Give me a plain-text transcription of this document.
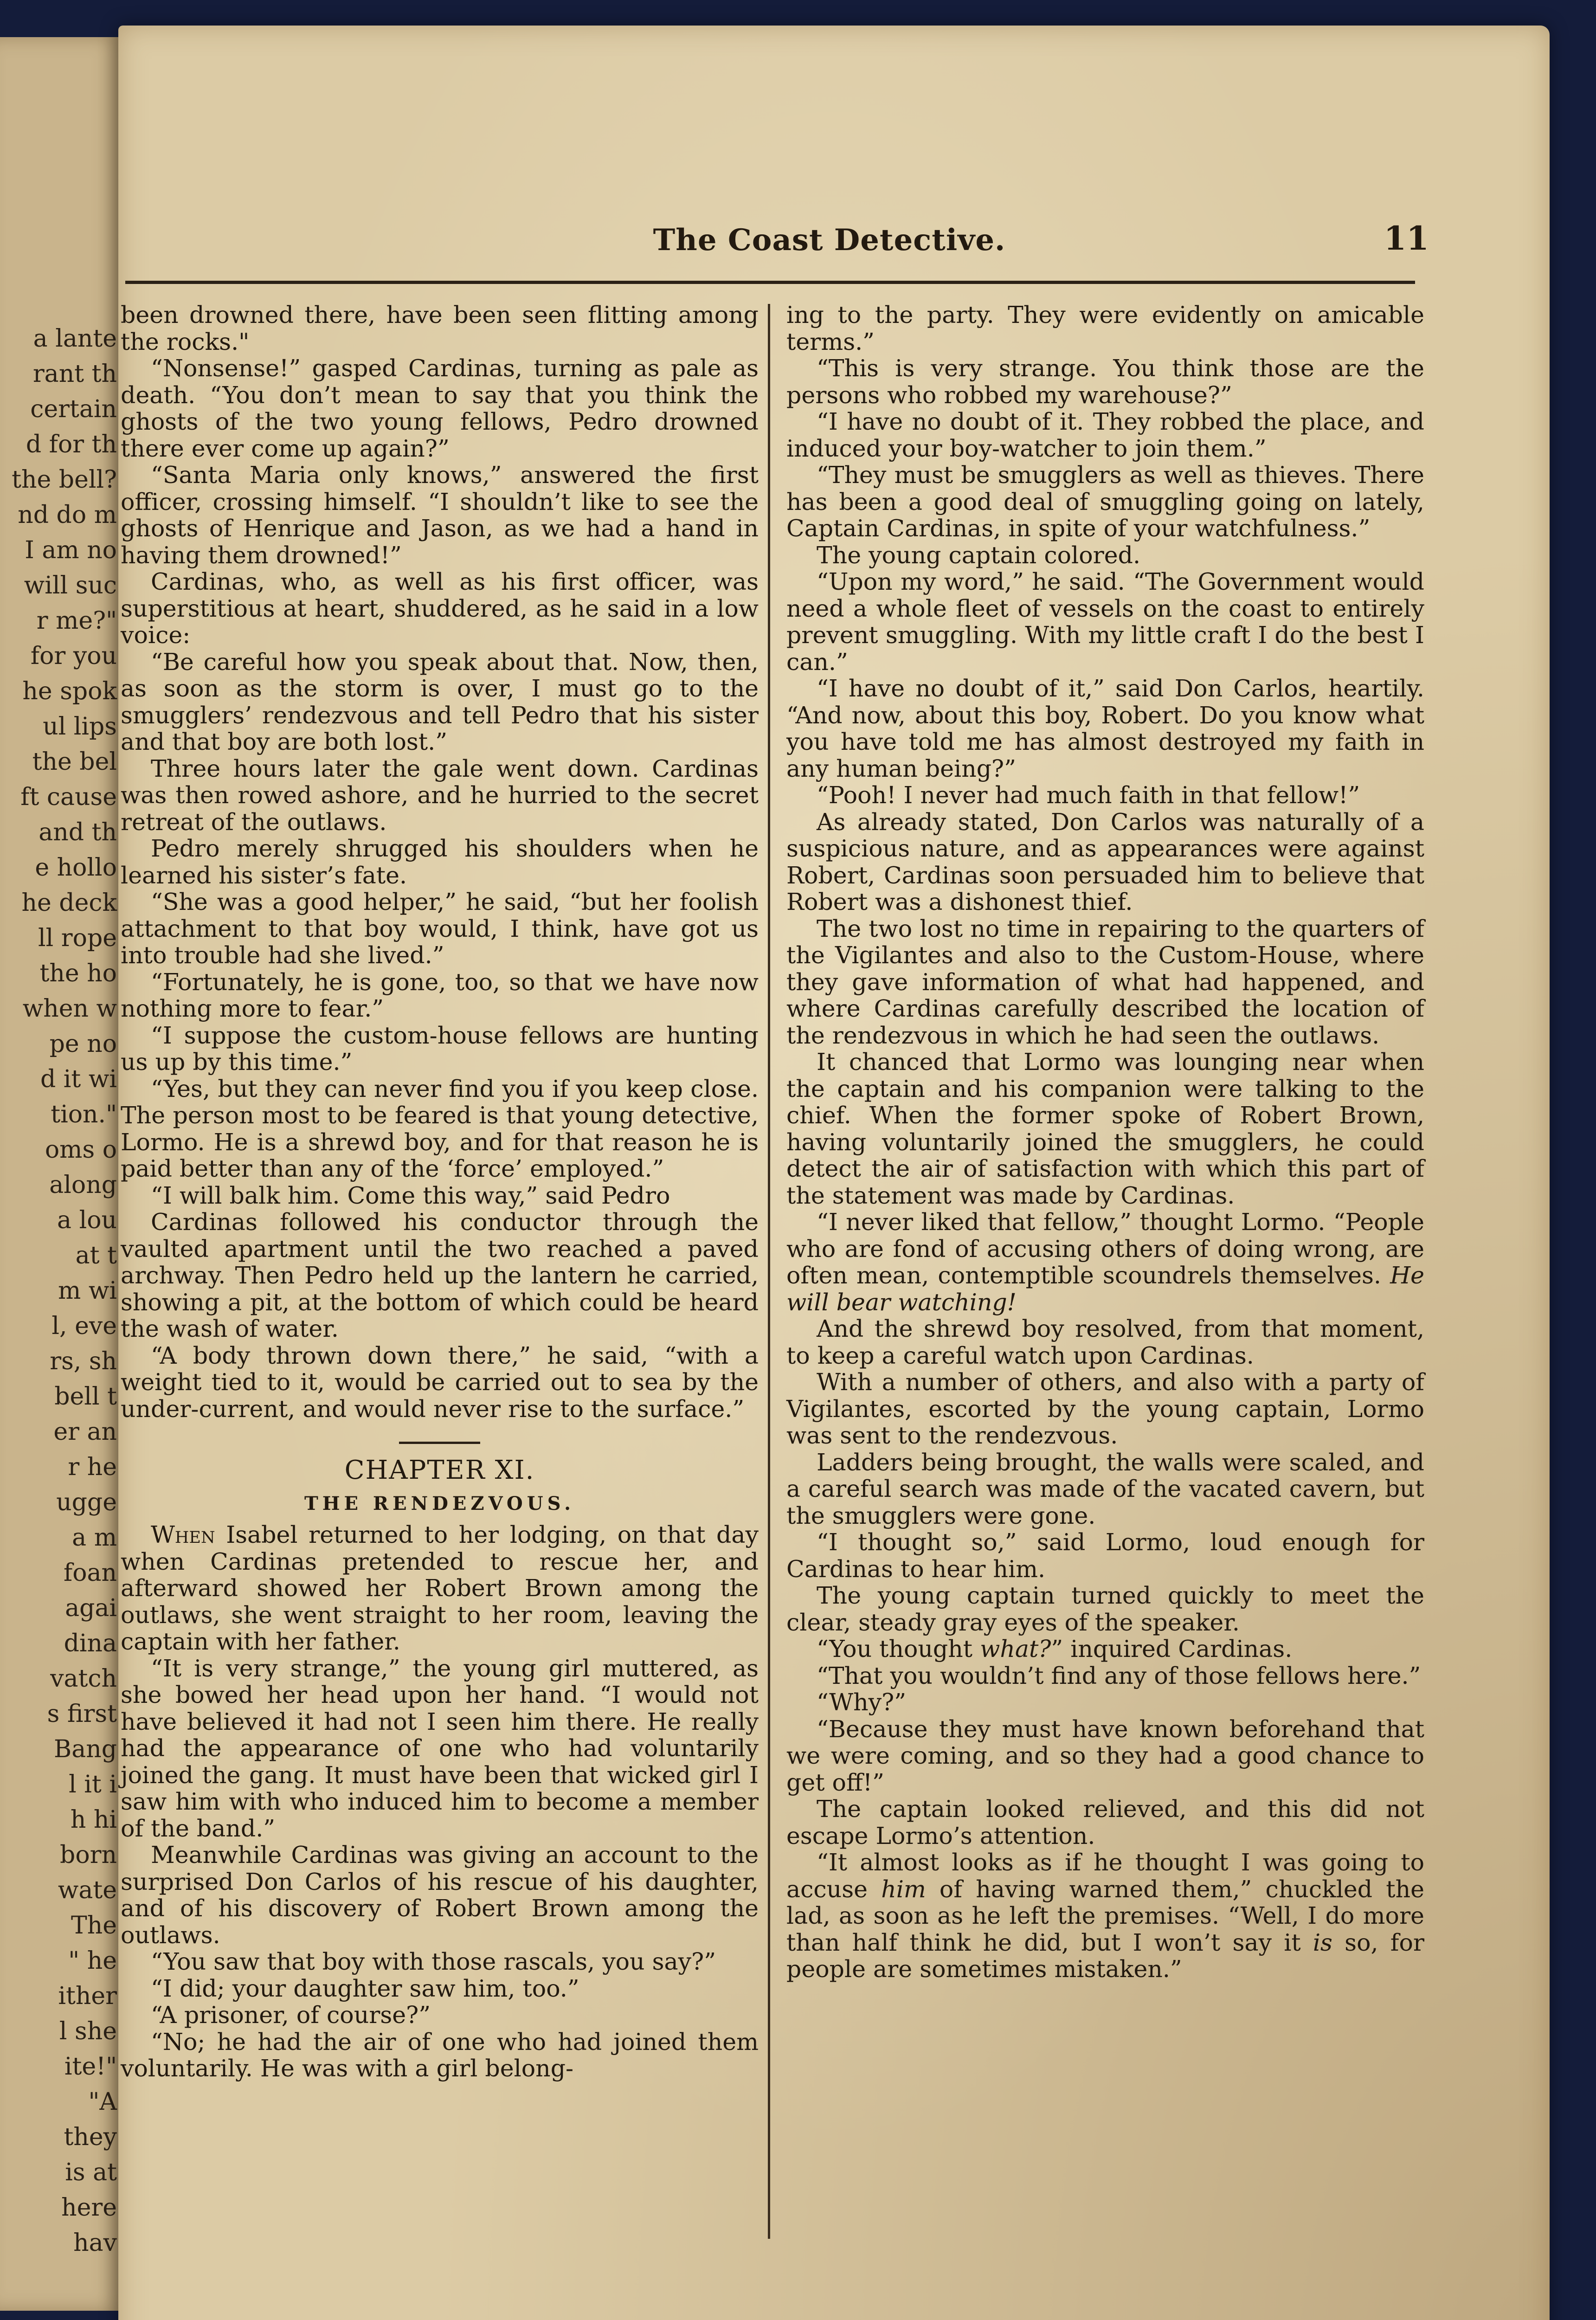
a lante
rant th
certain
d for th
the bell?
nd do m
I am no
will suc
r me?"
for you
he spok
ul lips
the bel
ft cause
and th
e hollo
he deck
ll rope
the ho
when w
pe no
d it wi
tion."
oms o
along
a lou
at t
m wi
l, eve
rs, sh
bell t
er an
r he
ugge
a m
foan
agai
dina
vatch
s first
Bang
l it i
h hi
born
wate
The
" he
ither
l she
ite!"
"A
they
is at
here
hav
The Coast Detective.	11

been drowned there, have been seen flitting among the rocks."

“Nonsense!” gasped Cardinas, turning as pale as death. “You don’t mean to say that you think the ghosts of the two young fellows, Pedro drowned there ever come up again?”

“Santa Maria only knows,” answered the first officer, crossing himself. “I shouldn’t like to see the ghosts of Henrique and Jason, as we had a hand in having them drowned!”

Cardinas, who, as well as his first officer, was superstitious at heart, shuddered, as he said in a low voice:

“Be careful how you speak about that. Now, then, as soon as the storm is over, I must go to the smugglers’ rendezvous and tell Pedro that his sister and that boy are both lost.”

Three hours later the gale went down. Cardinas was then rowed ashore, and he hurried to the secret retreat of the outlaws.

Pedro merely shrugged his shoulders when he learned his sister’s fate.

“She was a good helper,” he said, “but her foolish attachment to that boy would, I think, have got us into trouble had she lived.”

“Fortunately, he is gone, too, so that we have now nothing more to fear.”

“I suppose the custom-house fellows are hunting us up by this time.”

“Yes, but they can never find you if you keep close. The person most to be feared is that young detective, Lormo. He is a shrewd boy, and for that reason he is paid better than any of the ‘force’ employed.”

“I will balk him. Come this way,” said Pedro

Cardinas followed his conductor through the vaulted apartment until the two reached a paved archway. Then Pedro held up the lantern he carried, showing a pit, at the bottom of which could be heard the wash of water.

“A body thrown down there,” he said, “with a weight tied to it, would be carried out to sea by the under-current, and would never rise to the surface.”

CHAPTER XI.
THE RENDEZVOUS.

When Isabel returned to her lodging, on that day when Cardinas pretended to rescue her, and afterward showed her Robert Brown among the outlaws, she went straight to her room, leaving the captain with her father.

“It is very strange,” the young girl muttered, as she bowed her head upon her hand. “I would not have believed it had not I seen him there. He really had the appearance of one who had voluntarily joined the gang. It must have been that wicked girl I saw him with who induced him to become a member of the band.”

Meanwhile Cardinas was giving an account to the surprised Don Carlos of his rescue of his daughter, and of his discovery of Robert Brown among the outlaws.

“You saw that boy with those rascals, you say?”

“I did; your daughter saw him, too.”

“A prisoner, of course?”

“No; he had the air of one who had joined them voluntarily. He was with a girl belong-

ing to the party. They were evidently on amicable terms.”

“This is very strange. You think those are the persons who robbed my warehouse?”

“I have no doubt of it. They robbed the place, and induced your boy-watcher to join them.”

“They must be smugglers as well as thieves. There has been a good deal of smuggling going on lately, Captain Cardinas, in spite of your watchfulness.”

The young captain colored.

“Upon my word,” he said. “The Government would need a whole fleet of vessels on the coast to entirely prevent smuggling. With my little craft I do the best I can.”

“I have no doubt of it,” said Don Carlos, heartily. “And now, about this boy, Robert. Do you know what you have told me has almost destroyed my faith in any human being?”

“Pooh! I never had much faith in that fellow!”

As already stated, Don Carlos was naturally of a suspicious nature, and as appearances were against Robert, Cardinas soon persuaded him to believe that Robert was a dishonest thief.

The two lost no time in repairing to the quarters of the Vigilantes and also to the Custom-House, where they gave information of what had happened, and where Cardinas carefully described the location of the rendezvous in which he had seen the outlaws.

It chanced that Lormo was lounging near when the captain and his companion were talking to the chief. When the former spoke of Robert Brown, having voluntarily joined the smugglers, he could detect the air of satisfaction with which this part of the statement was made by Cardinas.

“I never liked that fellow,” thought Lormo. “People who are fond of accusing others of doing wrong, are often mean, contemptible scoundrels themselves. He will bear watching!

And the shrewd boy resolved, from that moment, to keep a careful watch upon Cardinas.

With a number of others, and also with a party of Vigilantes, escorted by the young captain, Lormo was sent to the rendezvous.

Ladders being brought, the walls were scaled, and a careful search was made of the vacated cavern, but the smugglers were gone.

“I thought so,” said Lormo, loud enough for Cardinas to hear him.

The young captain turned quickly to meet the clear, steady gray eyes of the speaker.

“You thought what?” inquired Cardinas.

“That you wouldn’t find any of those fellows here.”

“Why?”

“Because they must have known beforehand that we were coming, and so they had a good chance to get off!”

The captain looked relieved, and this did not escape Lormo’s attention.

“It almost looks as if he thought I was going to accuse him of having warned them,” chuckled the lad, as soon as he left the premises. “Well, I do more than half think he did, but I won’t say it is so, for people are sometimes mistaken.”
